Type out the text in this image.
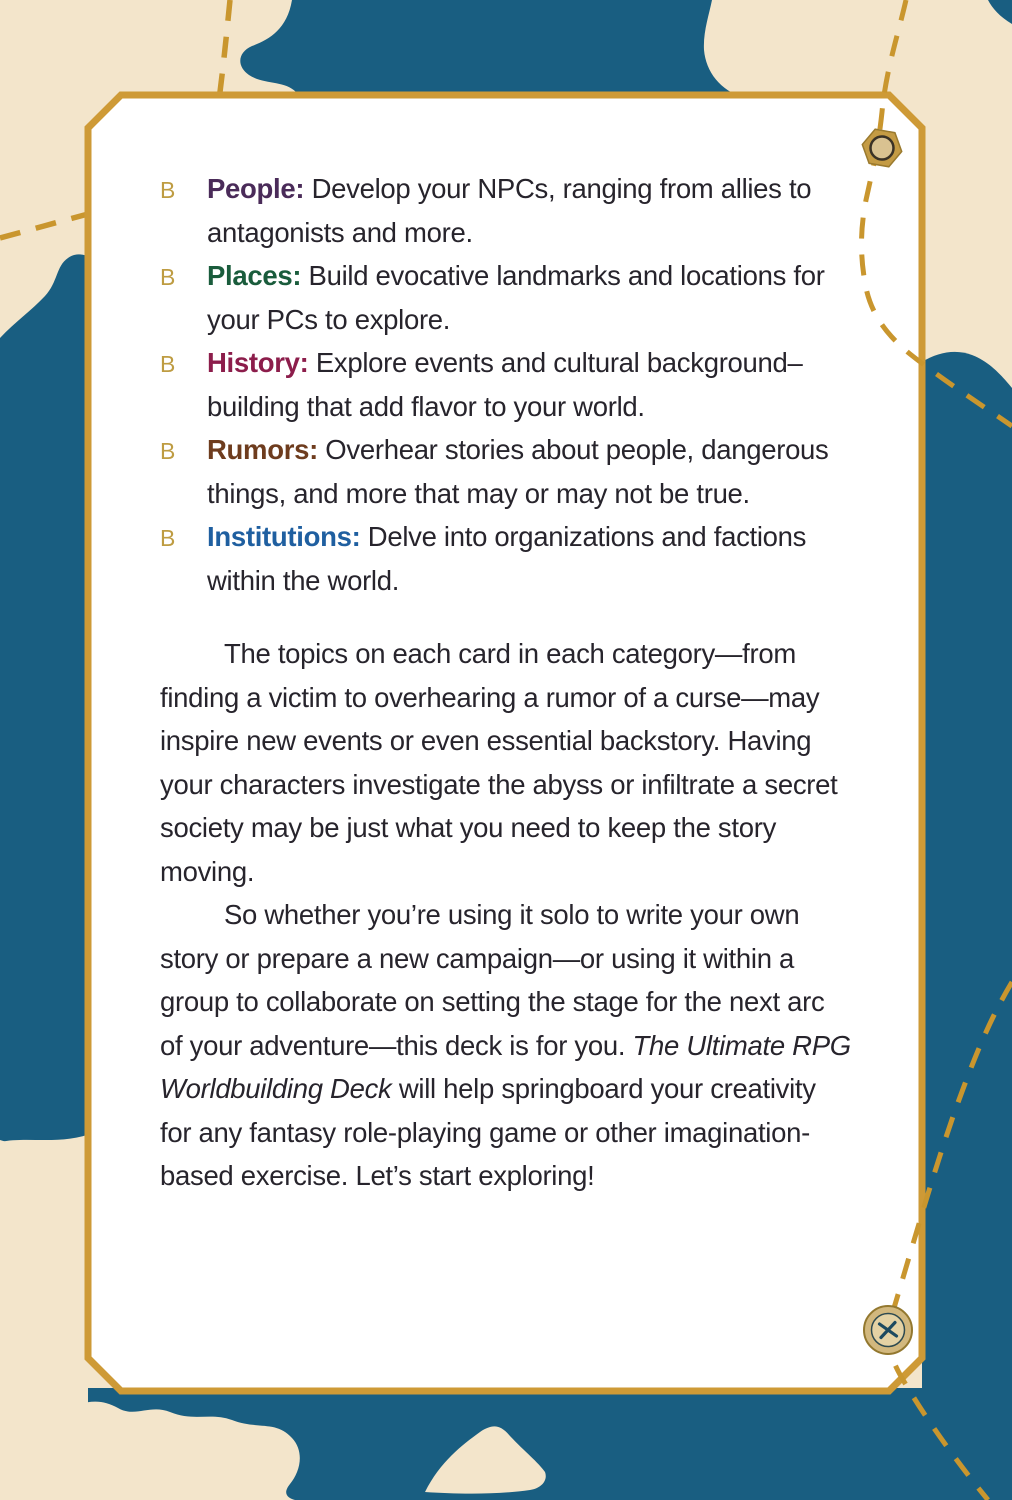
B People: Develop your NPCs, ranging from allies to antagonists and more.
B Places: Build evocative landmarks and locations for your PCs to explore.
B History: Explore events and cultural background–building that add flavor to your world.
B Rumors: Overhear stories about people, dangerous things, and more that may or may not be true.
B Institutions: Delve into organizations and factions within the world.

The topics on each card in each category—from finding a victim to overhearing a rumor of a curse—may inspire new events or even essential backstory. Having your characters investigate the abyss or infiltrate a secret society may be just what you need to keep the story moving.

So whether you’re using it solo to write your own story or prepare a new campaign—or using it within a group to collaborate on setting the stage for the next arc of your adventure—this deck is for you. The Ultimate RPG Worldbuilding Deck will help springboard your creativity for any fantasy role-playing game or other imagination-based exercise. Let’s start exploring!
